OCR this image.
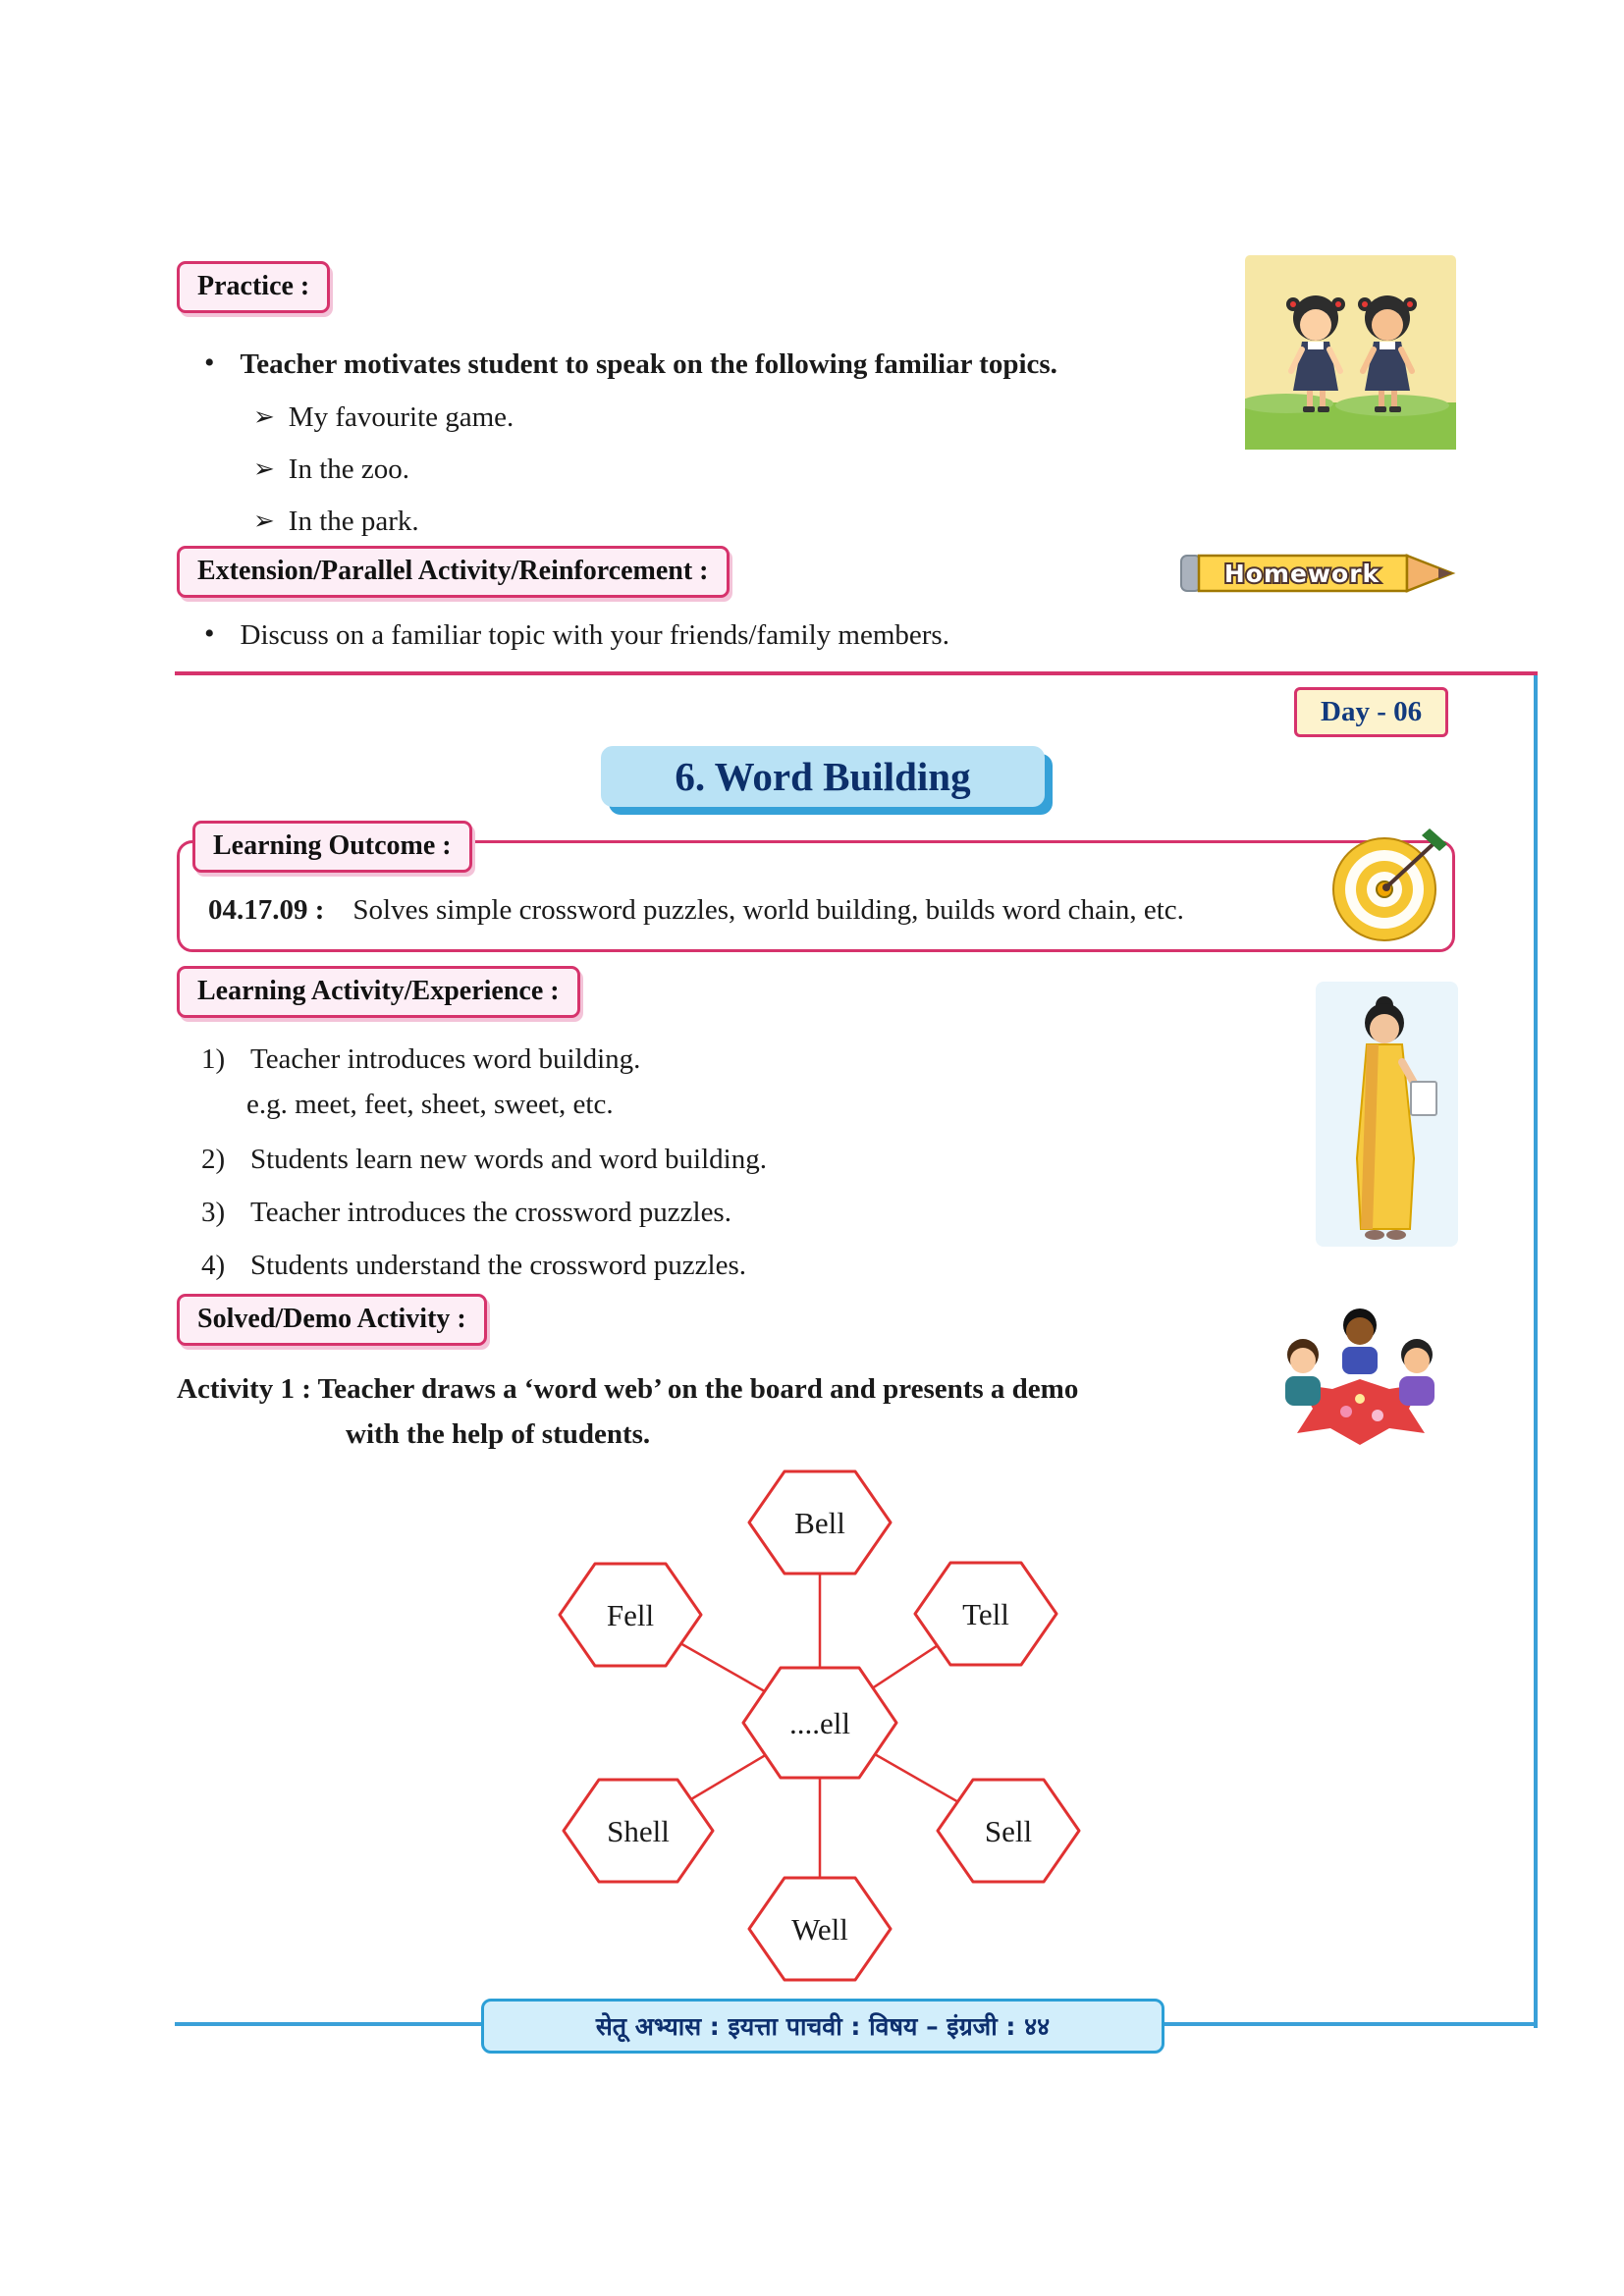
Practice :
• Teacher motivates student to speak on the following familiar topics.
➢ My favourite game.
➢ In the zoo.
➢ In the park.
Extension/Parallel Activity/Reinforcement :	Homework
• Discuss on a familiar topic with your friends/family members.
Day - 06
6. Word Building
Learning Outcome :
04.17.09 : Solves simple crossword puzzles, world building, builds word chain, etc.
Learning Activity/Experience :
1) Teacher introduces word building.
e.g. meet, feet, sheet, sweet, etc.
2) Students learn new words and word building.
3) Teacher introduces the crossword puzzles.
4) Students understand the crossword puzzles.
Solved/Demo Activity :
Activity 1 : Teacher draws a ‘word web’ on the board and presents a demo
with the help of students.
Bell
Fell	Tell
....ell
Shell	Sell
Well
सेतू अभ्यास : इयत्ता पाचवी : विषय – इंग्रजी : ४४
